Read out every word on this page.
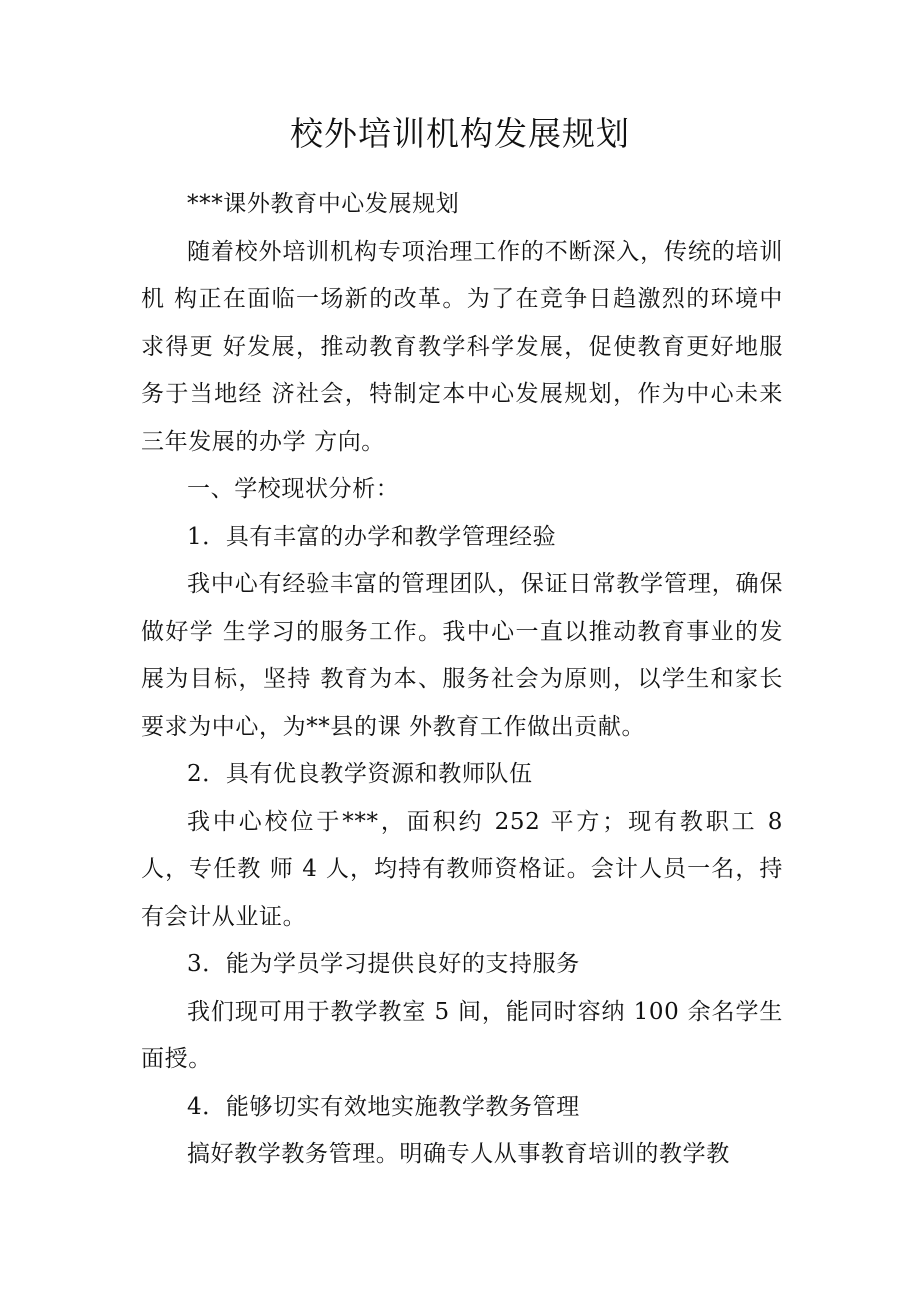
校外培训机构发展规划

***课外教育中心发展规划

随着校外培训机构专项治理工作的不断深入，传统的培训机 构正在面临一场新的改革。为了在竞争日趋激烈的环境中求得更 好发展，推动教育教学科学发展，促使教育更好地服务于当地经 济社会，特制定本中心发展规划，作为中心未来三年发展的办学 方向。

一、学校现状分析：

1．具有丰富的办学和教学管理经验

我中心有经验丰富的管理团队，保证日常教学管理，确保做好学 生学习的服务工作。我中心一直以推动教育事业的发展为目标，坚持 教育为本、服务社会为原则，以学生和家长要求为中心，为**县的课 外教育工作做出贡献。

2．具有优良教学资源和教师队伍

我中心校位于***，面积约 252 平方；现有教职工 8 人，专任教 师 4 人，均持有教师资格证。会计人员一名，持有会计从业证。

3．能为学员学习提供良好的支持服务

我们现可用于教学教室 5 间，能同时容纳 100 余名学生面授。

4．能够切实有效地实施教学教务管理

搞好教学教务管理。明确专人从事教育培训的教学教
